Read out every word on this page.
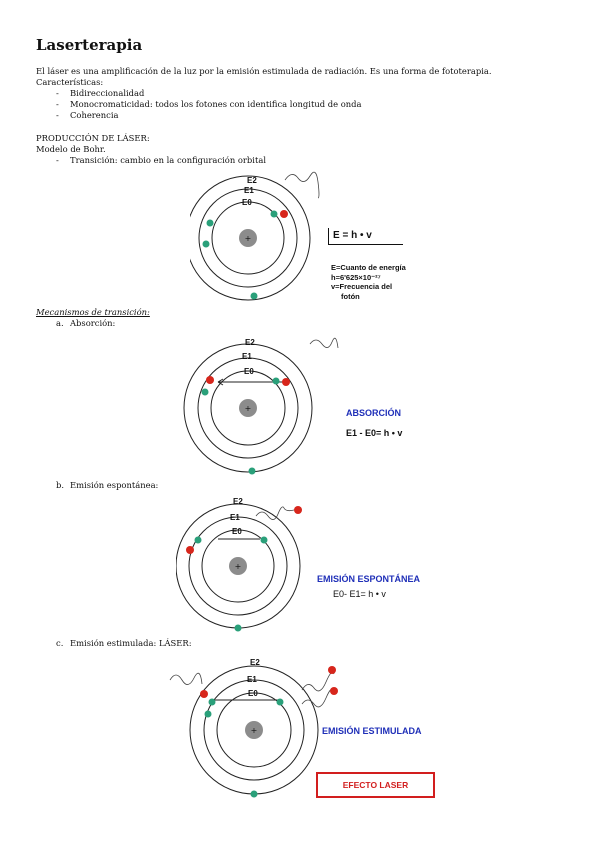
Laserterapia
El láser es una amplificación de la luz por la emisión estimulada de radiación. Es una forma de fototerapia.
Características:
- Bidireccionalidad
- Monocromaticidad: todos los fotones con identifica longitud de onda
- Coherencia
PRODUCCIÓN DE LÁSER:
Modelo de Bohr.
- Transición: cambio en la configuración orbital
+
E2
E1
E0
E = h • v
E=Cuanto de energía
h=6'625×10⁻²⁷
v=Frecuencia del
fotón
Mecanismos de transición:
a. Absorción:
+
E2
E1
E0
ABSORCIÓN
E1 - E0= h • v
b. Emisión espontánea:
+
E2
E1
E0
EMISIÓN ESPONTÁNEA
E0- E1= h • v
c. Emisión estimulada: LÁSER:
+
E2
E1
E0
EMISIÓN ESTIMULADA
EFECTO LASER
